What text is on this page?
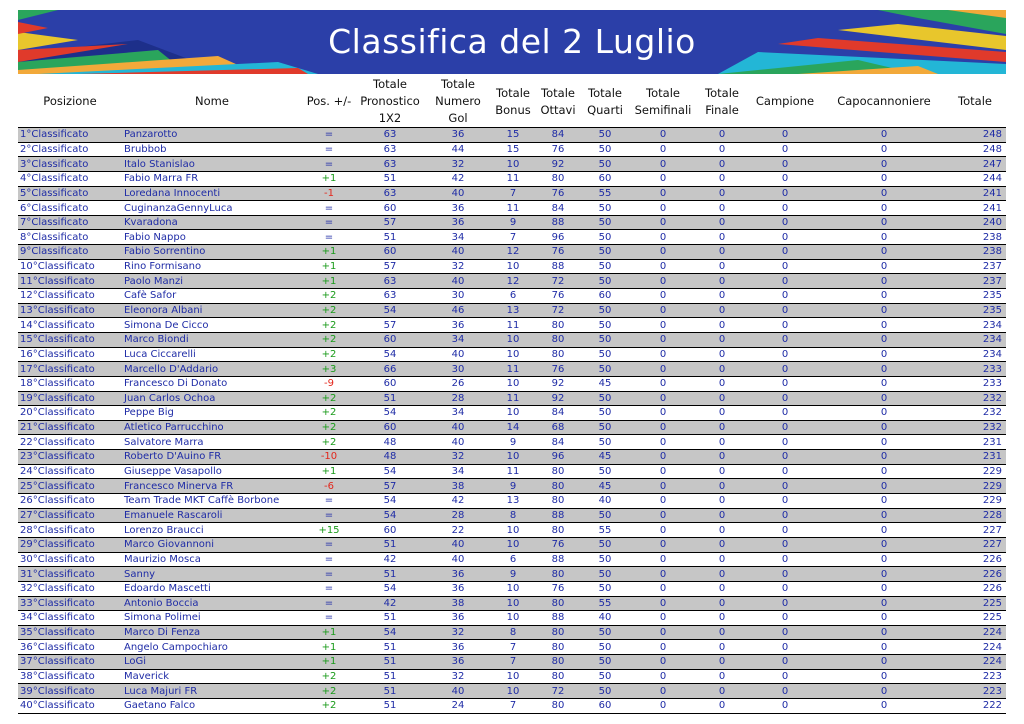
Classifica del 2 Luglio
Posizione	Nome	Pos. +/-	Totale Pronostico 1X2	Totale Numero Gol	Totale Bonus	Totale Ottavi	Totale Quarti	Totale Semifinali	Totale Finale	Campione	Capocannoniere	Totale
1°Classificato	Panzarotto	=	63	36	15	84	50	0	0	0	0	248
2°Classificato	Brubbob	=	63	44	15	76	50	0	0	0	0	248
3°Classificato	Italo Stanislao	=	63	32	10	92	50	0	0	0	0	247
4°Classificato	Fabio Marra FR	+1	51	42	11	80	60	0	0	0	0	244
5°Classificato	Loredana Innocenti	-1	63	40	7	76	55	0	0	0	0	241
6°Classificato	CuginanzaGennyLuca	=	60	36	11	84	50	0	0	0	0	241
7°Classificato	Kvaradona	=	57	36	9	88	50	0	0	0	0	240
8°Classificato	Fabio Nappo	=	51	34	7	96	50	0	0	0	0	238
9°Classificato	Fabio Sorrentino	+1	60	40	12	76	50	0	0	0	0	238
10°Classificato	Rino Formisano	+1	57	32	10	88	50	0	0	0	0	237
11°Classificato	Paolo Manzi	+1	63	40	12	72	50	0	0	0	0	237
12°Classificato	Cafè Safor	+2	63	30	6	76	60	0	0	0	0	235
13°Classificato	Eleonora Albani	+2	54	46	13	72	50	0	0	0	0	235
14°Classificato	Simona De Cicco	+2	57	36	11	80	50	0	0	0	0	234
15°Classificato	Marco Biondi	+2	60	34	10	80	50	0	0	0	0	234
16°Classificato	Luca Ciccarelli	+2	54	40	10	80	50	0	0	0	0	234
17°Classificato	Marcello D'Addario	+3	66	30	11	76	50	0	0	0	0	233
18°Classificato	Francesco Di Donato	-9	60	26	10	92	45	0	0	0	0	233
19°Classificato	Juan Carlos Ochoa	+2	51	28	11	92	50	0	0	0	0	232
20°Classificato	Peppe Big	+2	54	34	10	84	50	0	0	0	0	232
21°Classificato	Atletico Parrucchino	+2	60	40	14	68	50	0	0	0	0	232
22°Classificato	Salvatore Marra	+2	48	40	9	84	50	0	0	0	0	231
23°Classificato	Roberto D'Auino FR	-10	48	32	10	96	45	0	0	0	0	231
24°Classificato	Giuseppe Vasapollo	+1	54	34	11	80	50	0	0	0	0	229
25°Classificato	Francesco Minerva FR	-6	57	38	9	80	45	0	0	0	0	229
26°Classificato	Team Trade MKT Caffè Borbone	=	54	42	13	80	40	0	0	0	0	229
27°Classificato	Emanuele Rascaroli	=	54	28	8	88	50	0	0	0	0	228
28°Classificato	Lorenzo Braucci	+15	60	22	10	80	55	0	0	0	0	227
29°Classificato	Marco Giovannoni	=	51	40	10	76	50	0	0	0	0	227
30°Classificato	Maurizio Mosca	=	42	40	6	88	50	0	0	0	0	226
31°Classificato	Sanny	=	51	36	9	80	50	0	0	0	0	226
32°Classificato	Edoardo Mascetti	=	54	36	10	76	50	0	0	0	0	226
33°Classificato	Antonio Boccia	=	42	38	10	80	55	0	0	0	0	225
34°Classificato	Simona Polimei	=	51	36	10	88	40	0	0	0	0	225
35°Classificato	Marco Di Fenza	+1	54	32	8	80	50	0	0	0	0	224
36°Classificato	Angelo Campochiaro	+1	51	36	7	80	50	0	0	0	0	224
37°Classificato	LoGi	+1	51	36	7	80	50	0	0	0	0	224
38°Classificato	Maverick	+2	51	32	10	80	50	0	0	0	0	223
39°Classificato	Luca Majuri FR	+2	51	40	10	72	50	0	0	0	0	223
40°Classificato	Gaetano Falco	+2	51	24	7	80	60	0	0	0	0	222
